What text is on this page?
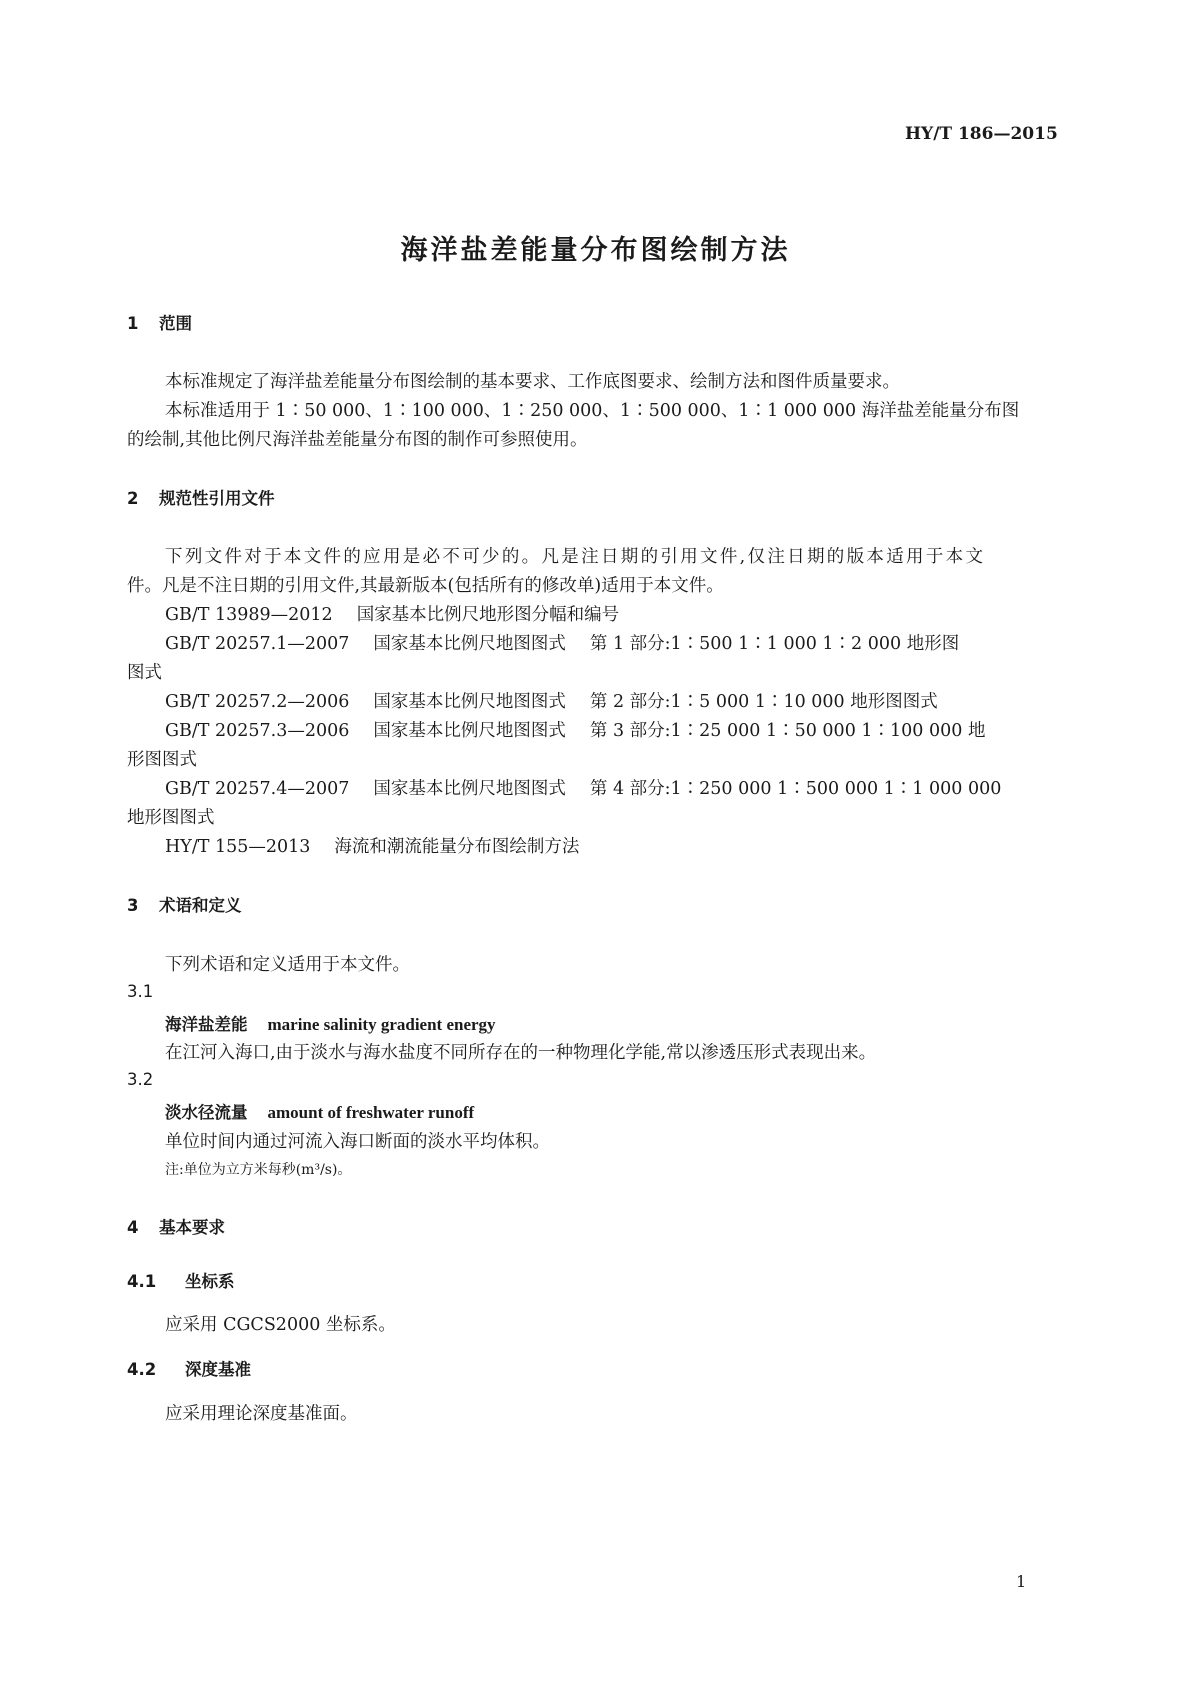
HY/T 186—2015
海洋盐差能量分布图绘制方法
1 范围
本标准规定了海洋盐差能量分布图绘制的基本要求、工作底图要求、绘制方法和图件质量要求。
本标准适用于 1∶50 000、1∶100 000、1∶250 000、1∶500 000、1∶1 000 000 海洋盐差能量分布图
的绘制,其他比例尺海洋盐差能量分布图的制作可参照使用。
2 规范性引用文件
下列文件对于本文件的应用是必不可少的。凡是注日期的引用文件,仅注日期的版本适用于本文
件。凡是不注日期的引用文件,其最新版本(包括所有的修改单)适用于本文件。
GB/T 13989—2012 国家基本比例尺地形图分幅和编号
GB/T 20257.1—2007 国家基本比例尺地图图式 第 1 部分:1∶500 1∶1 000 1∶2 000 地形图
图式
GB/T 20257.2—2006 国家基本比例尺地图图式 第 2 部分:1∶5 000 1∶10 000 地形图图式
GB/T 20257.3—2006 国家基本比例尺地图图式 第 3 部分:1∶25 000 1∶50 000 1∶100 000 地
形图图式
GB/T 20257.4—2007 国家基本比例尺地图图式 第 4 部分:1∶250 000 1∶500 000 1∶1 000 000
地形图图式
HY/T 155—2013 海流和潮流能量分布图绘制方法
3 术语和定义
下列术语和定义适用于本文件。
3.1
海洋盐差能 marine salinity gradient energy
在江河入海口,由于淡水与海水盐度不同所存在的一种物理化学能,常以渗透压形式表现出来。
3.2
淡水径流量 amount of freshwater runoff
单位时间内通过河流入海口断面的淡水平均体积。
注:单位为立方米每秒(m³/s)。
4 基本要求
4.1 坐标系
应采用 CGCS2000 坐标系。
4.2 深度基准
应采用理论深度基准面。
1
